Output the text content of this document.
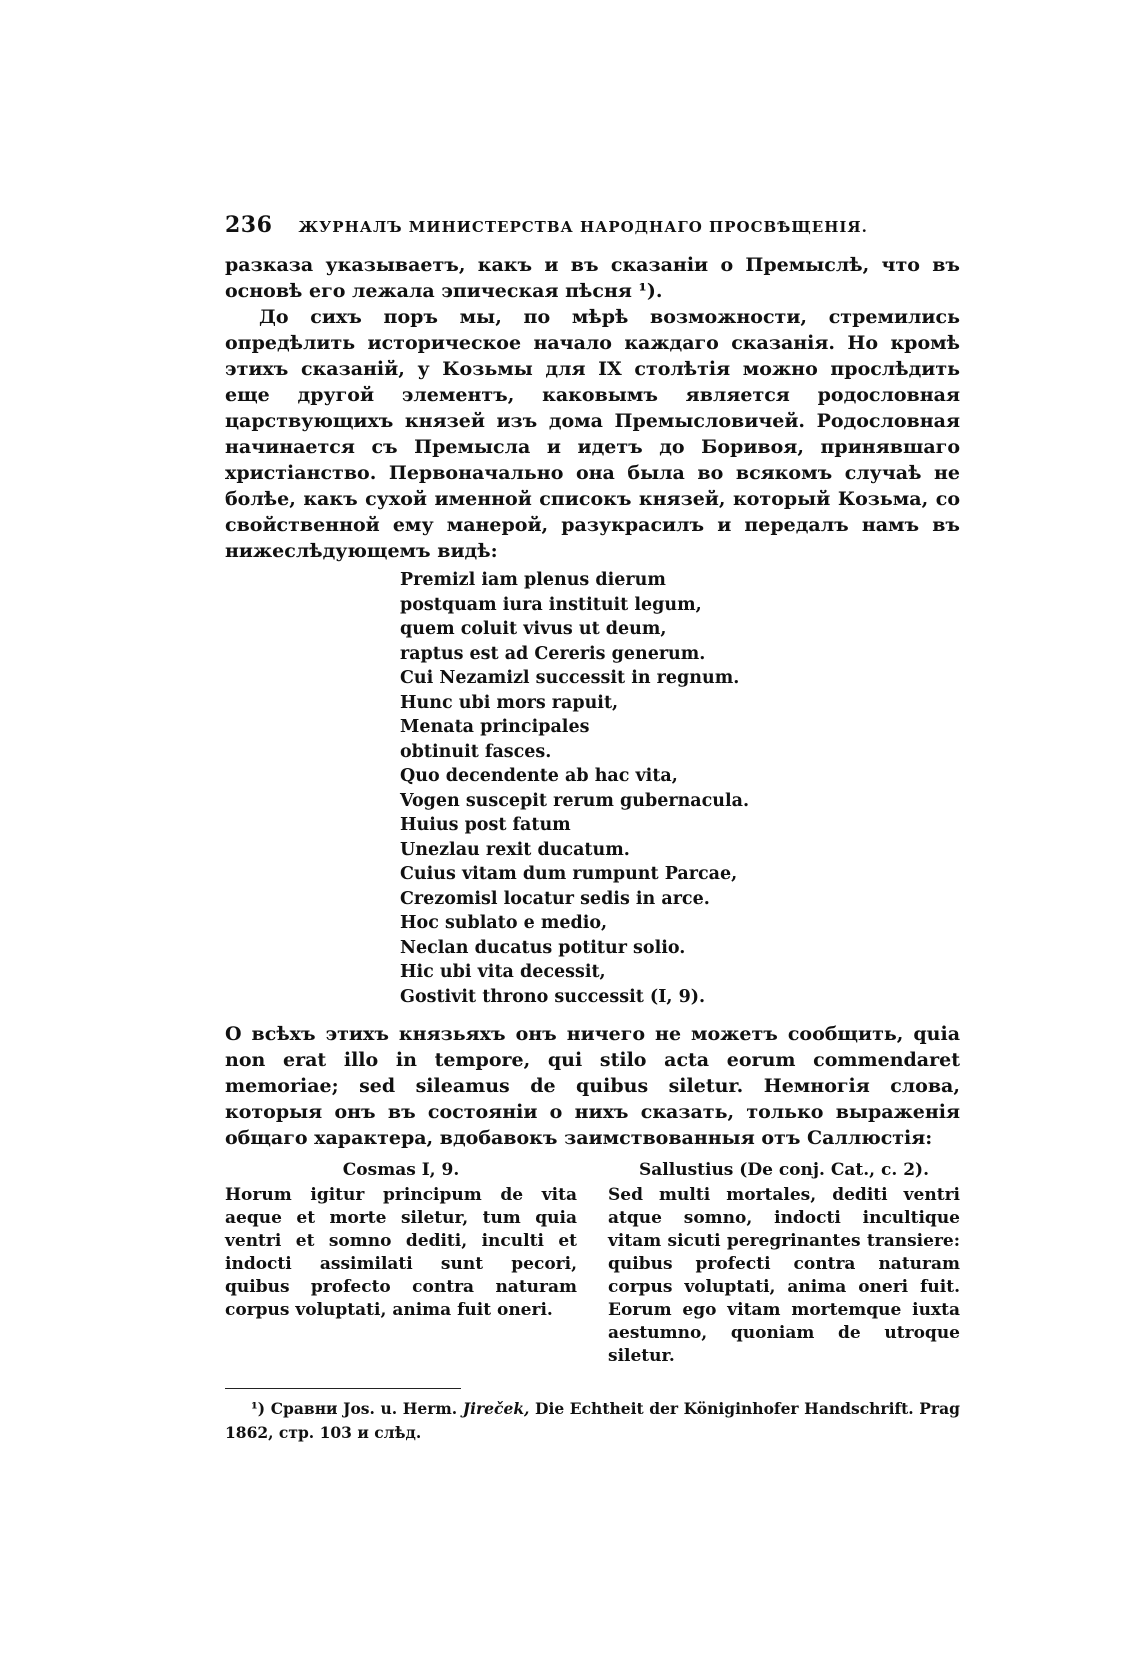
236 ЖУРНАЛЪ МИНИСТЕРСТВА НАРОДНАГО ПРОСВѢЩЕНІЯ.

разказа указываетъ, какъ и въ сказаніи о Премыслѣ, что въ основѣ его лежала эпическая пѣсня ¹).

До сихъ поръ мы, по мѣрѣ возможности, стремились опредѣлить историческое начало каждаго сказанія. Но кромѣ этихъ сказаній, у Козьмы для IX столѣтія можно прослѣдить еще другой элементъ, каковымъ является родословная царствующихъ князей изъ дома Премысловичей. Родословная начинается съ Премысла и идетъ до Боривоя, принявшаго христіанство. Первоначально она была во всякомъ случаѣ не болѣе, какъ сухой именной списокъ князей, который Козьма, со свойственной ему манерой, разукрасилъ и передалъ намъ въ нижеслѣдующемъ видѣ:

Premizl iam plenus dierum
postquam iura instituit legum,
quem coluit vivus ut deum,
raptus est ad Cereris generum.
Cui Nezamizl successit in regnum.
Hunc ubi mors rapuit,
Menata principales
obtinuit fasces.
Quo decendente ab hac vita,
Vogen suscepit rerum gubernacula.
Huius post fatum
Unezlau rexit ducatum.
Cuius vitam dum rumpunt Parcae,
Crezomisl locatur sedis in arce.
Hoc sublato e medio,
Neclan ducatus potitur solio.
Hic ubi vita decessit,
Gostivit throno successit (I, 9).

О всѣхъ этихъ князьяхъ онъ ничего не можетъ сообщить, quia non erat illo in tempore, qui stilo acta eorum commendaret memoriae; sed sileamus de quibus siletur. Немногія слова, которыя онъ въ состояніи о нихъ сказать, только выраженія общаго характера, вдобавокъ заимствованныя отъ Саллюстія:

Cosmas I, 9.
Horum igitur principum de vita aeque et morte siletur, tum quia ventri et somno dediti, inculti et indocti assimilati sunt pecori, quibus profecto contra naturam corpus voluptati, anima fuit oneri.
Sallustius (De conj. Cat., c. 2).
Sed multi mortales, dediti ventri atque somno, indocti incultique vitam sicuti peregrinantes transiere: quibus profecti contra naturam corpus voluptati, anima oneri fuit. Eorum ego vitam mortemque iuxta aestumno, quoniam de utroque siletur.
¹) Сравни Jos. u. Herm. Jireček, Die Echtheit der Königinhofer Handschrift. Prag 1862, стр. 103 и слѣд.
